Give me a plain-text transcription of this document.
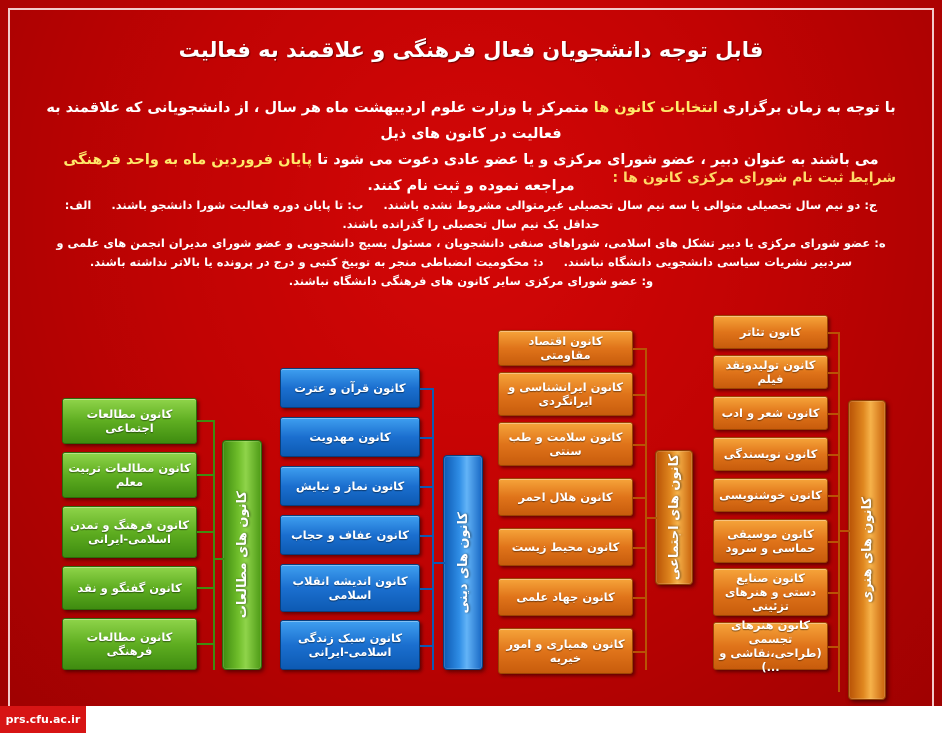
قابل توجه دانشجویان فعال فرهنگی و علاقمند به فعالیت
با توجه به زمان برگزاری انتخابات کانون ها متمرکز با وزارت علوم اردیبهشت ماه هر سال ، از دانشجویانی که علاقمند به فعالیت در کانون های ذیل
می باشند به عنوان دبیر ، عضو شورای مرکزی و یا عضو عادی دعوت می شود تا پایان فروردین ماه به واحد فرهنگی مراجعه نموده و ثبت نام کنند.	شرایط ثبت نام شورای مرکزی کانون ها :
ج: دو نیم سال تحصیلی متوالی یا سه نیم سال تحصیلی غیرمتوالی مشروط نشده باشند.     ب: تا پایان دوره فعالیت شورا دانشجو باشند.     الف: حداقل یک نیم سال تحصیلی را گذرانده باشند.
ه: عضو شورای مرکزی یا دبیر تشکل های اسلامی، شوراهای صنفی دانشجویان ، مسئول بسیج دانشجویی و عضو شورای مدیران انجمن های علمی و سردبیر نشریات سیاسی دانشجویی دانشگاه نباشند.     د: محکومیت انضباطی منجر به توبیخ کتبی و درج در پرونده یا بالاتر نداشته باشند.
و: عضو شورای مرکزی سایر کانون های فرهنگی دانشگاه نباشند.
کانون های مطالعات
کانون مطالعات اجتماعی
کانون مطالعات تربیت معلم
کانون فرهنگ و تمدن اسلامی-ایرانی
کانون گفتگو و نقد
کانون مطالعات فرهنگی
کانون های دینی
کانون قرآن و عترت
کانون مهدویت
کانون نماز و نیایش
کانون عفاف و حجاب
کانون اندیشه انقلاب اسلامی
کانون سبک زندگی اسلامی-ایرانی
کانون های اجتماعی
کانون اقتصاد مقاومتی
کانون ایرانشناسی و ایرانگردی
کانون سلامت و طب سنتی
کانون هلال احمر
کانون محیط زیست
کانون جهاد علمی
کانون همیاری و امور خیریه
کانون های هنری
کانون تئاتر
کانون تولیدونقد فیلم
کانون شعر و ادب
کانون نویسندگی
کانون خوشنویسی
کانون موسیقی حماسی و سرود
کانون صنایع دستی و هنرهای تزئینی
کانون هنرهای تجسمی (طراحی،نقاشی و ...)
prs.cfu.ac.ir
